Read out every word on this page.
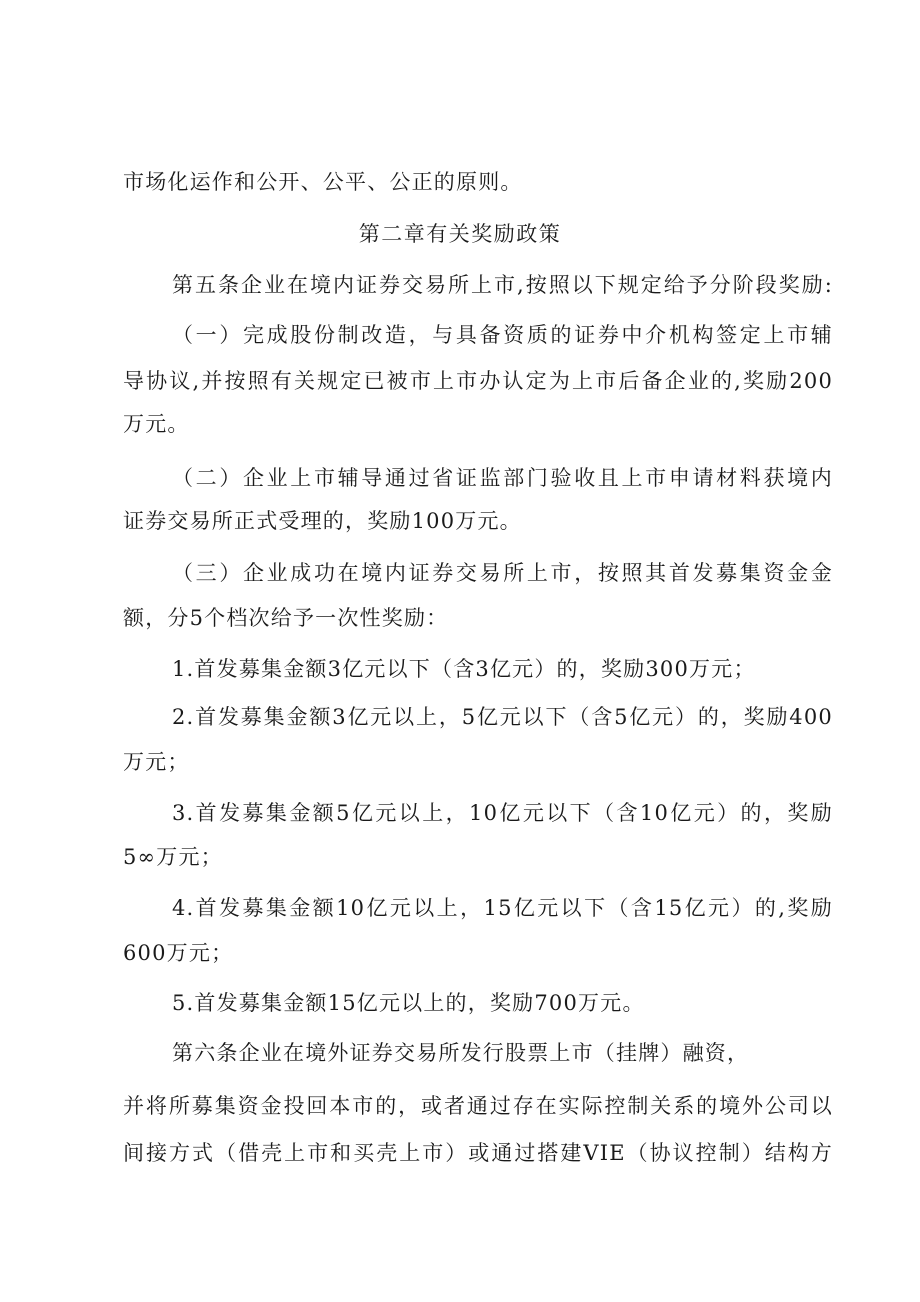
市场化运作和公开、公平、公正的原则。
第二章有关奖励政策
第五条企业在境内证券交易所上市,按照以下规定给予分阶段奖励:
（一）完成股份制改造，与具备资质的证券中介机构签定上市辅
导协议,并按照有关规定已被市上市办认定为上市后备企业的,奖励200
万元。
（二）企业上市辅导通过省证监部门验收且上市申请材料获境内
证券交易所正式受理的，奖励100万元。
（三）企业成功在境内证券交易所上市，按照其首发募集资金金
额，分5个档次给予一次性奖励：
1.首发募集金额3亿元以下（含3亿元）的，奖励300万元；
2.首发募集金额3亿元以上，5亿元以下（含5亿元）的，奖励400
万元；
3.首发募集金额5亿元以上，10亿元以下（含10亿元）的，奖励
5∞万元；
4.首发募集金额10亿元以上，15亿元以下（含15亿元）的,奖励
600万元；
5.首发募集金额15亿元以上的，奖励700万元。
第六条企业在境外证券交易所发行股票上市（挂牌）融资，
并将所募集资金投回本市的，或者通过存在实际控制关系的境外公司以
间接方式（借壳上市和买壳上市）或通过搭建VIE（协议控制）结构方
